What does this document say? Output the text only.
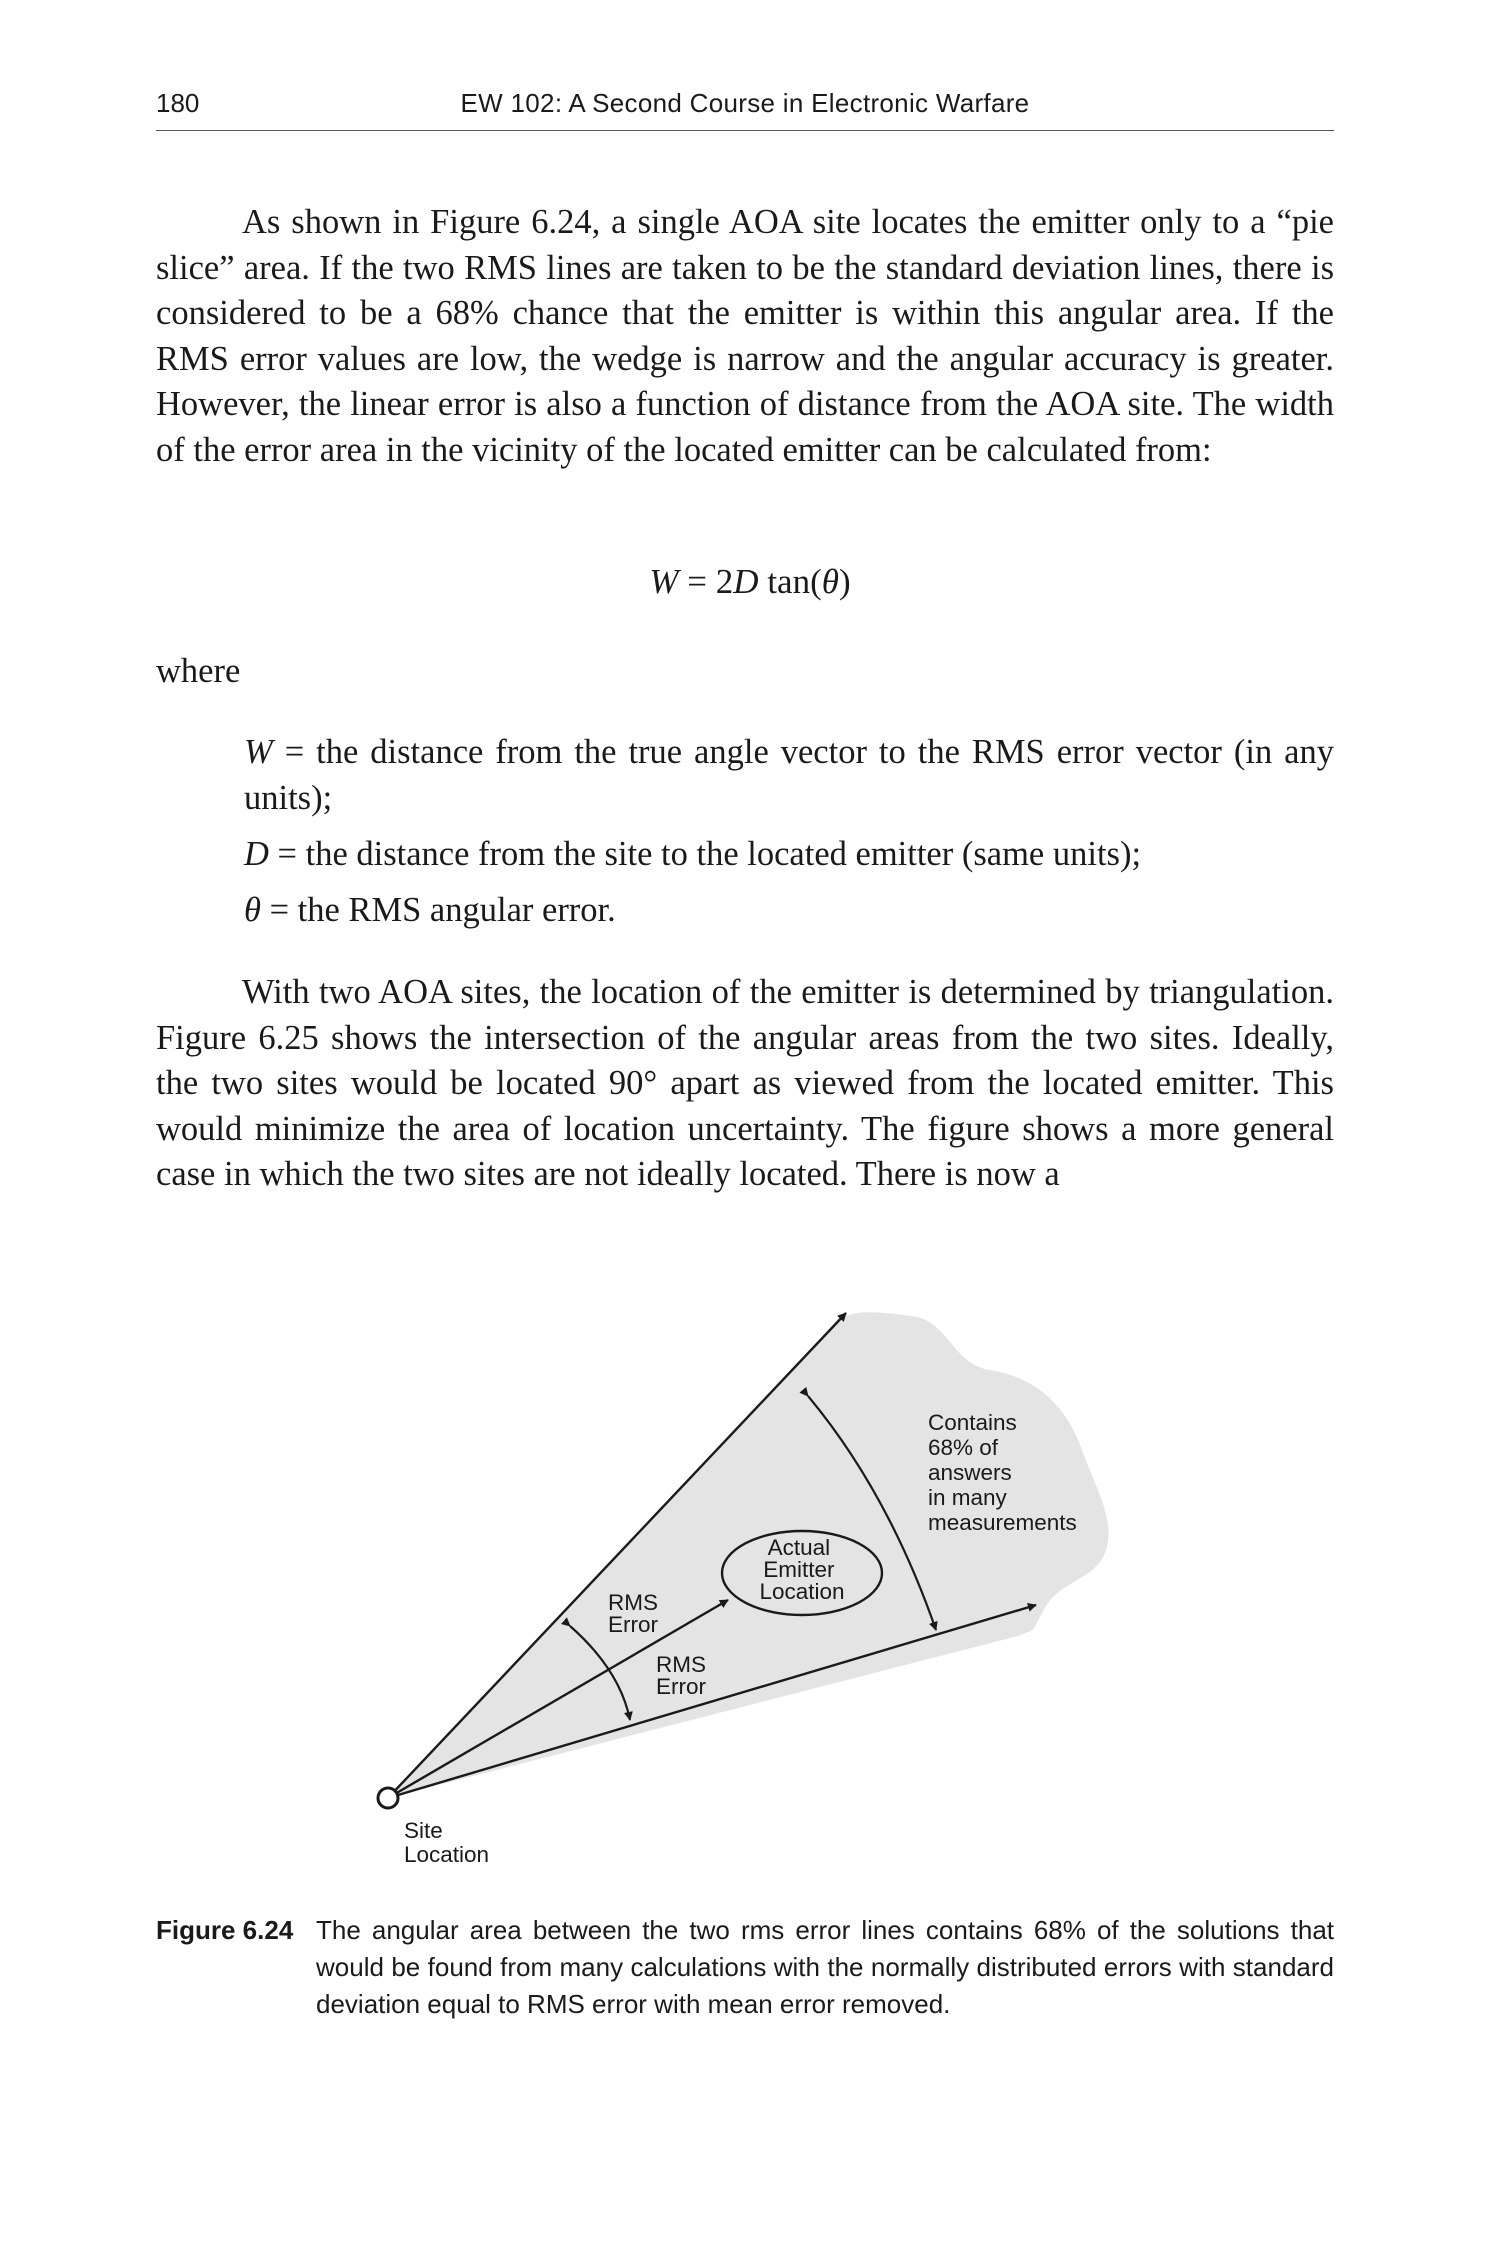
180	EW 102: A Second Course in Electronic Warfare

As shown in Figure 6.24, a single AOA site locates the emitter only to a “pie slice” area. If the two RMS lines are taken to be the standard deviation lines, there is considered to be a 68% chance that the emitter is within this angular area. If the RMS error values are low, the wedge is narrow and the angular accuracy is greater. However, the linear error is also a function of distance from the AOA site. The width of the error area in the vicinity of the located emitter can be calculated from:

W = 2D tan(θ)
where
W = the distance from the true angle vector to the RMS error vector (in any units);
D = the distance from the site to the located emitter (same units);
θ = the RMS angular error.

With two AOA sites, the location of the emitter is determined by triangulation. Figure 6.25 shows the intersection of the angular areas from the two sites. Ideally, the two sites would be located 90° apart as viewed from the located emitter. This would minimize the area of location uncertainty. The figure shows a more general case in which the two sites are not ideally located. There is now a

Contains 68% of answers in many measurements
Actual Emitter Location
RMS Error
RMS Error
Site Location
Figure 6.24 The angular area between the two rms error lines contains 68% of the solutions that would be found from many calculations with the normally distributed errors with standard deviation equal to RMS error with mean error removed.
